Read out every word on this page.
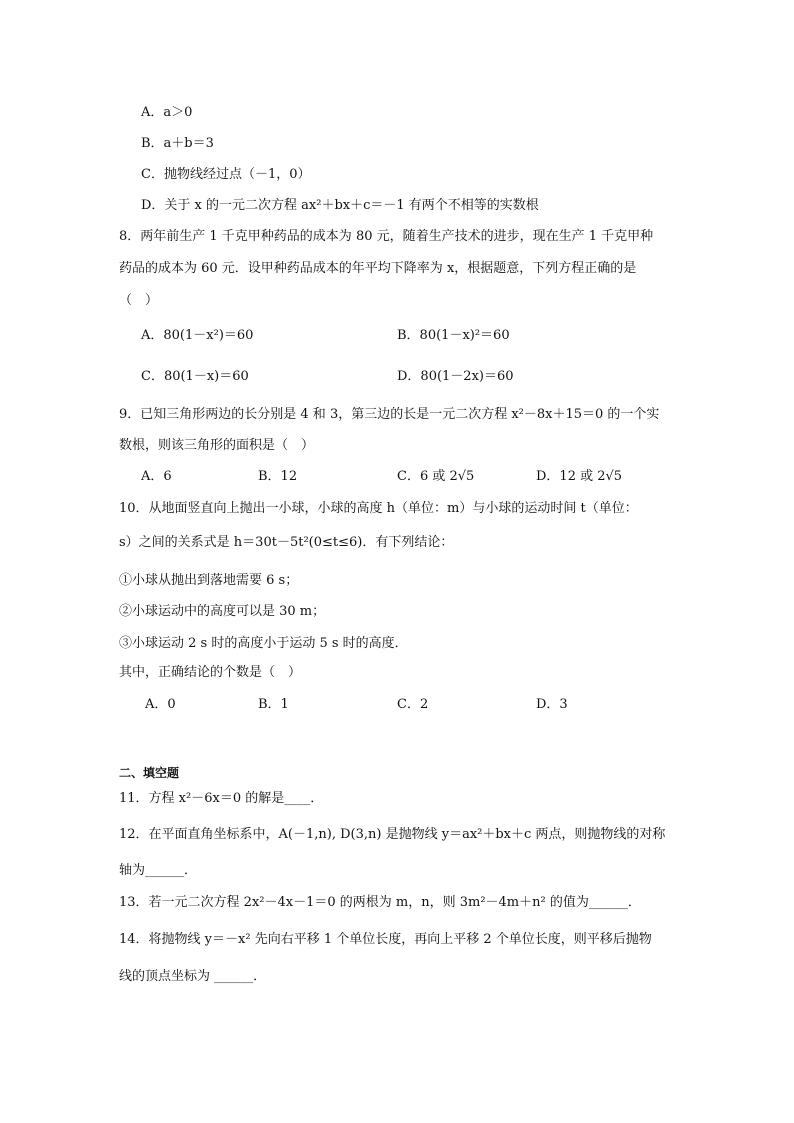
A．a＞0
B．a＋b＝3
C．抛物线经过点（－1，0）
D．关于 x 的一元二次方程 ax²＋bx＋c＝－1 有两个不相等的实数根
8．两年前生产 1 千克甲种药品的成本为 80 元，随着生产技术的进步，现在生产 1 千克甲种
药品的成本为 60 元．设甲种药品成本的年平均下降率为 x，根据题意，下列方程正确的是
（　）
A．80(1－x²)＝60	B．80(1－x)²＝60
C．80(1－x)＝60	D．80(1－2x)＝60
9．已知三角形两边的长分别是 4 和 3，第三边的长是一元二次方程 x²－8x＋15＝0 的一个实
数根，则该三角形的面积是（　）
A．6	B．12	C．6 或 2√5	D．12 或 2√5
10．从地面竖直向上抛出一小球，小球的高度 h（单位：m）与小球的运动时间 t（单位：
s）之间的关系式是 h＝30t－5t²(0≤t≤6)．有下列结论：
①小球从抛出到落地需要 6 s；
②小球运动中的高度可以是 30 m；
③小球运动 2 s 时的高度小于运动 5 s 时的高度．
其中，正确结论的个数是（　）
A．0	B．1	C．2	D．3
二、填空题
11．方程 x²－6x＝0 的解是____．
12．在平面直角坐标系中，A(－1,n), D(3,n) 是抛物线 y＝ax²＋bx＋c 两点，则抛物线的对称
轴为______．
13．若一元二次方程 2x²－4x－1＝0 的两根为 m，n，则 3m²－4m＋n² 的值为______．
14．将抛物线 y＝－x² 先向右平移 1 个单位长度，再向上平移 2 个单位长度，则平移后抛物
线的顶点坐标为 ______．
